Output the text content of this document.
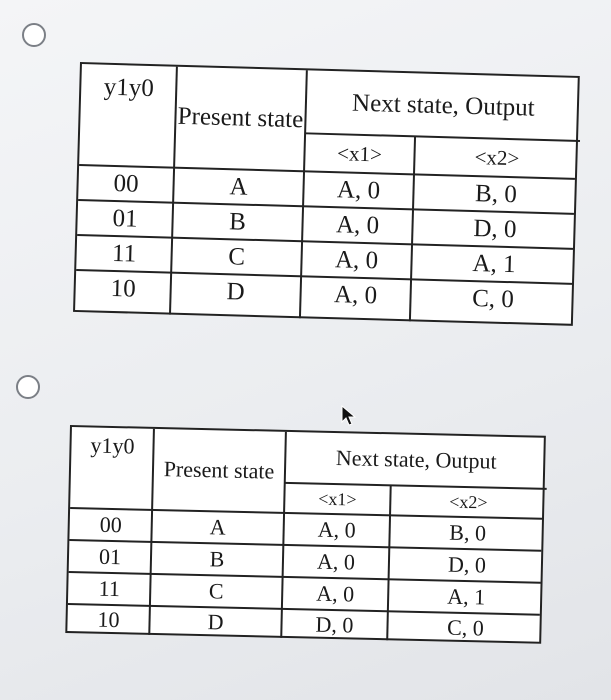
y1y0
Present state	Next state, Output
<x1>	<x2>
00	A	A, 0	B, 0
01	B	A, 0	D, 0
11	C	A, 0	A, 1
10	D	A, 0	C, 0
y1y0
Present state	Next state, Output
<x1>	<x2>
00	A	A, 0	B, 0
01	B	A, 0	D, 0
11	C	A, 0	A, 1
10	D	D, 0	C, 0
